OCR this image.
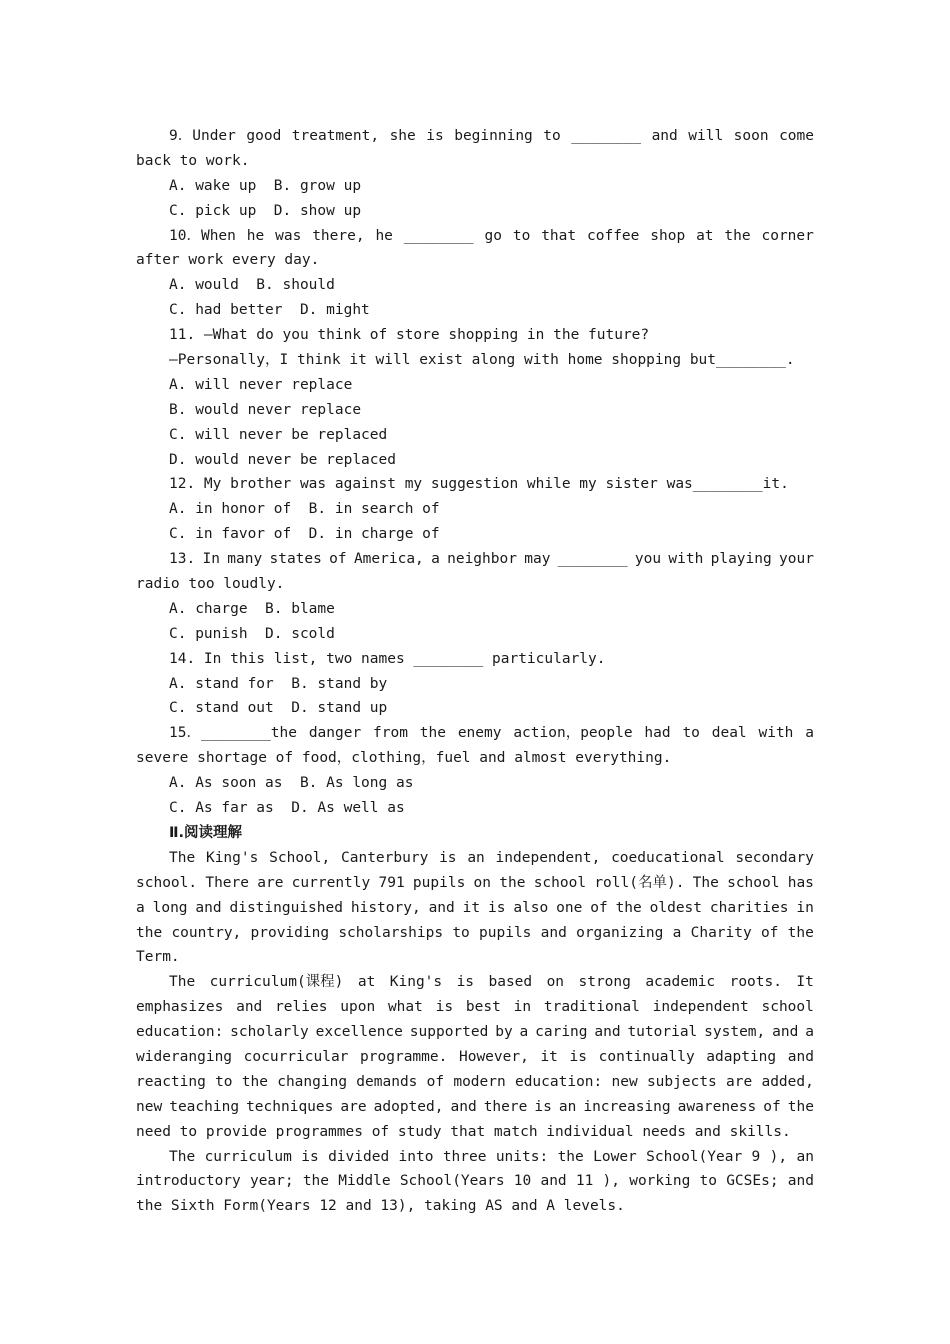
9．Under good treatment, she is beginning to ________ and will soon come
back to work.
A. wake up  B. grow up
C. pick up  D. show up
10．When he was there, he ________ go to that coffee shop at the corner
after work every day.
A. would  B. should
C. had better  D. might
11. —What do you think of store shopping in the future?
—Personally，I think it will exist along with home shopping but________.
A. will never replace
B. would never replace
C. will never be replaced
D. would never be replaced
12. My brother was against my suggestion while my sister was________it.
A. in honor of  B. in search of
C. in favor of  D. in charge of
13. In many states of America, a neighbor may ________ you with playing your
radio too loudly.
A. charge  B. blame
C. punish  D. scold
14. In this list, two names ________ particularly.
A. stand for  B. stand by
C. stand out  D. stand up
15．________the danger from the enemy action，people had to deal with a
severe shortage of food，clothing，fuel and almost everything.
A. As soon as  B. As long as
C. As far as  D. As well as
Ⅱ.阅读理解
The King's School, Canterbury is an independent, coeducational secondary
school. There are currently 791 pupils on the school roll(名单). The school has
a long and distinguished history, and it is also one of the oldest charities in
the country, providing scholarships to pupils and organizing a Charity of the
Term.
The curriculum(课程) at King's is based on strong academic roots. It
emphasizes and relies upon what is best in traditional independent school
education: scholarly excellence supported by a caring and tutorial system, and a
wideranging cocurricular programme. However, it is continually adapting and
reacting to the changing demands of modern education: new subjects are added,
new teaching techniques are adopted, and there is an increasing awareness of the
need to provide programmes of study that match individual needs and skills.
The curriculum is divided into three units: the Lower School(Year 9 ), an
introductory year; the Middle School(Years 10 and 11 ), working to GCSEs; and
the Sixth Form(Years 12 and 13), taking AS and A levels.
